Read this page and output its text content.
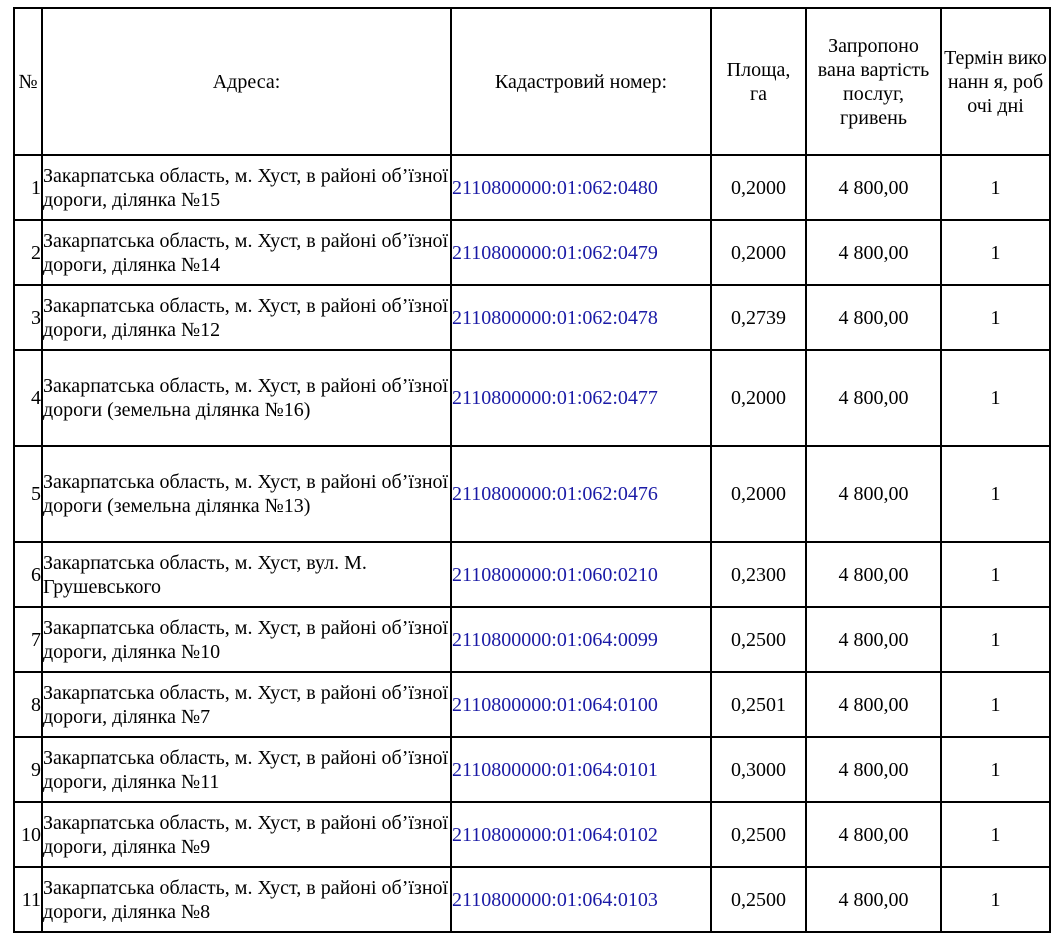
№	Адреса:	Кадастровий номер:	Площа, га	Запропоно вана вартість послуг, гривень	Термін виконанн я, робочі дні
1	Закарпатська область, м. Хуст, в районі об’їзної дороги, ділянка №15	2110800000:01:062:0480	0,2000	4 800,00	1
2	Закарпатська область, м. Хуст, в районі об’їзної дороги, ділянка №14	2110800000:01:062:0479	0,2000	4 800,00	1
3	Закарпатська область, м. Хуст, в районі об’їзної дороги, ділянка №12	2110800000:01:062:0478	0,2739	4 800,00	1
4	Закарпатська область, м. Хуст, в районі об’їзної дороги (земельна ділянка №16)	2110800000:01:062:0477	0,2000	4 800,00	1
5	Закарпатська область, м. Хуст, в районі об’їзної дороги (земельна ділянка №13)	2110800000:01:062:0476	0,2000	4 800,00	1
6	Закарпатська область, м. Хуст, вул. М. Грушевського	2110800000:01:060:0210	0,2300	4 800,00	1
7	Закарпатська область, м. Хуст, в районі об’їзної дороги, ділянка №10	2110800000:01:064:0099	0,2500	4 800,00	1
8	Закарпатська область, м. Хуст, в районі об’їзної дороги, ділянка №7	2110800000:01:064:0100	0,2501	4 800,00	1
9	Закарпатська область, м. Хуст, в районі об’їзної дороги, ділянка №11	2110800000:01:064:0101	0,3000	4 800,00	1
10	Закарпатська область, м. Хуст, в районі об’їзної дороги, ділянка №9	2110800000:01:064:0102	0,2500	4 800,00	1
11	Закарпатська область, м. Хуст, в районі об’їзної дороги, ділянка №8	2110800000:01:064:0103	0,2500	4 800,00	1
